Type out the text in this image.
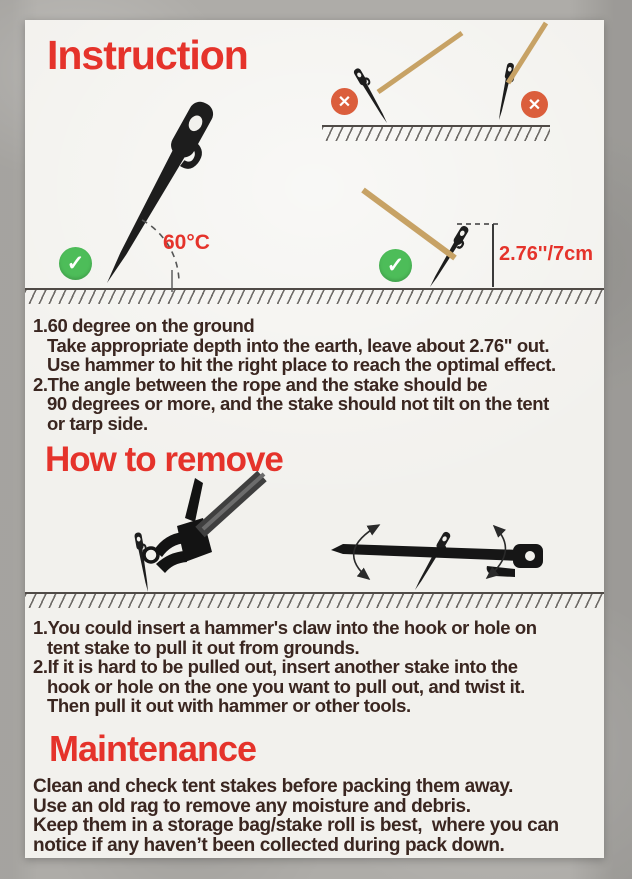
✕	✕
✓	✓
60°C	2.76''/7cm
Instruction
How to remove
Maintenance
1.60 degree on the ground
Take appropriate depth into the earth, leave about 2.76" out.
Use hammer to hit the right place to reach the optimal effect.
2.The angle between the rope and the stake should be
90 degrees or more, and the stake should not tilt on the tent
or tarp side.
1.You could insert a hammer's claw into the hook or hole on
tent stake to pull it out from grounds.
2.If it is hard to be pulled out, insert another stake into the
hook or hole on the one you want to pull out, and twist it.
Then pull it out with hammer or other tools.
Clean and check tent stakes before packing them away.
Use an old rag to remove any moisture and debris.
Keep them in a storage bag/stake roll is best,  where you can
notice if any haven’t been collected during pack down.
